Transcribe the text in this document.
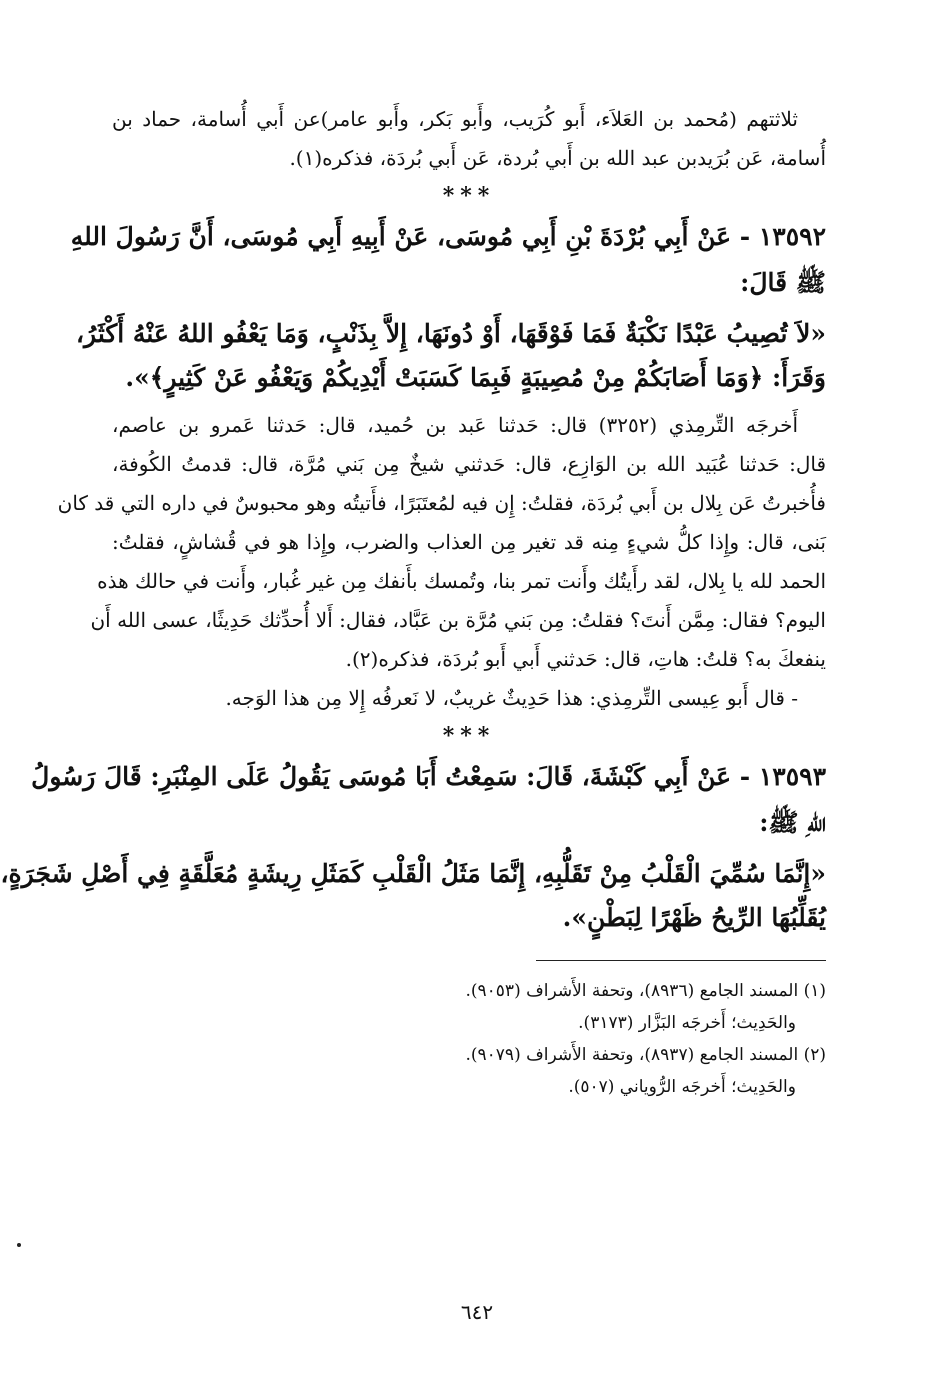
ثلاثتهم (مُحمد بن العَلاَء، أَبو كُرَيب، وأَبو بَكر، وأَبو عامر)عن أَبي أُسامة، حماد بن
أُسامة، عَن بُرَيدبن عبد الله بن أَبي بُردة، عَن أَبي بُردَة، فذكره(١).
***
١٣٥٩٢ - عَنْ أَبِي بُرْدَةَ بْنِ أَبِي مُوسَى، عَنْ أَبِيهِ أَبِي مُوسَى، أَنَّ رَسُولَ اللهِ
ﷺ قَالَ:
«لاَ تُصِيبُ عَبْدًا نَكْبَةٌ فَمَا فَوْقَهَا، أَوْ دُونَهَا، إِلاَّ بِذَنْبٍ، وَمَا يَعْفُو اللهُ عَنْهُ أَكْثَرُ،
وَقَرَأَ: ﴿وَمَا أَصَابَكُمْ مِنْ مُصِيبَةٍ فَبِمَا كَسَبَتْ أَيْدِيكُمْ وَيَعْفُو عَنْ كَثِيرٍ﴾».
أَخرجَه التِّرمِذي (٣٢٥٢) قال: حَدثنا عَبد بن حُميد، قال: حَدثنا عَمرو بن عاصم،
قال: حَدثنا عُبَيد الله بن الوَازِع، قال: حَدثني شيخٌ مِن بَني مُرَّة، قال: قدمتُ الكُوفة،
فأُخبرتُ عَن بِلال بن أَبي بُردَة، فقلتُ: إِن فيه لمُعتَبَرًا، فأَتيتُه وهو محبوسٌ في داره التي قد كان
بَنى، قال: وإِذا كلُّ شيءٍ مِنه قد تغير مِن العذاب والضرب، وإِذا هو في قُشاشٍ، فقلتُ:
الحمد لله يا بِلال، لقد رأَيتُك وأَنت تمر بنا، وتُمسك بأَنفك مِن غير غُبار، وأَنت في حالك هذه
اليوم؟ فقال: مِمَّن أَنتَ؟ فقلتُ: مِن بَني مُرَّة بن عَبَّاد، فقال: أَلا أُحدِّثك حَدِيثًا، عسى الله أَن
ينفعكَ به؟ قلتُ: هاتِ، قال: حَدثني أَبي أَبو بُردَة، فذكره(٢).
- قال أَبو عِيسى التِّرمِذي: هذا حَدِيثٌ غريبٌ، لا نَعرفُه إِلا مِن هذا الوَجه.
***
١٣٥٩٣ - عَنْ أَبِي كَبْشَةَ، قَالَ: سَمِعْتُ أَبَا مُوسَى يَقُولُ عَلَى المِنْبَرِ: قَالَ رَسُولُ
اللهِ ﷺ:
«إِنَّمَا سُمِّيَ الْقَلْبُ مِنْ تَقَلُّبِهِ، إِنَّمَا مَثَلُ الْقَلْبِ كَمَثَلِ رِيشَةٍ مُعَلَّقَةٍ فِي أَصْلِ شَجَرَةٍ،
يُقَلِّبُهَا الرِّيحُ ظَهْرًا لِبَطْنٍ».
(١) المسند الجامع (٨٩٣٦)، وتحفة الأَشراف (٩٠٥٣).
والحَدِيث؛ أَخرجَه البَزَّار (٣١٧٣).
(٢) المسند الجامع (٨٩٣٧)، وتحفة الأَشراف (٩٠٧٩).
والحَدِيث؛ أَخرجَه الرُّوياني (٥٠٧).
٦٤٢
